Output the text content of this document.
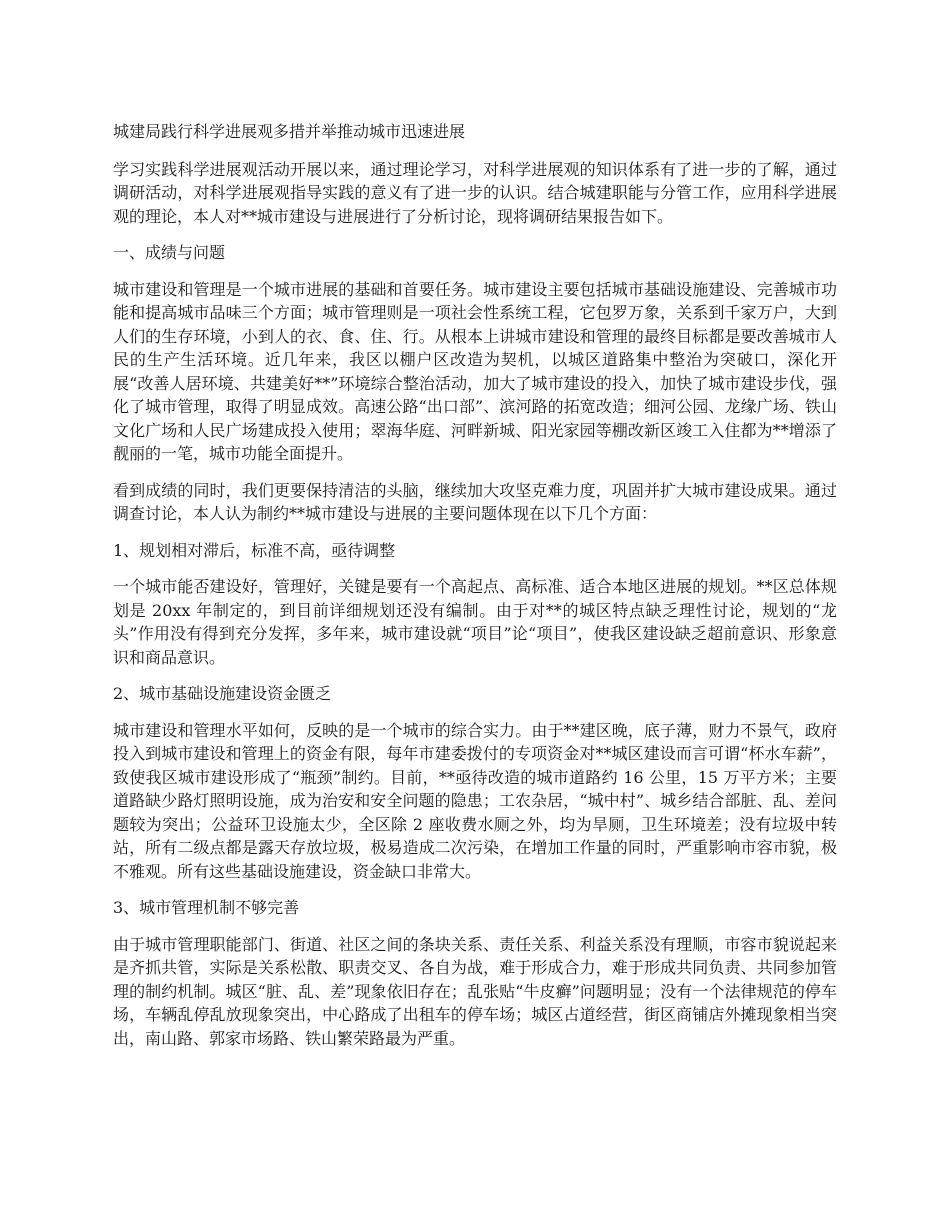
城建局践行科学进展观多措并举推动城市迅速进展

学习实践科学进展观活动开展以来，通过理论学习，对科学进展观的知识体系有了进一步的了解，通过调研活动，对科学进展观指导实践的意义有了进一步的认识。结合城建职能与分管工作，应用科学进展观的理论，本人对**城市建设与进展进行了分析讨论，现将调研结果报告如下。

一、成绩与问题

城市建设和管理是一个城市进展的基础和首要任务。城市建设主要包括城市基础设施建设、完善城市功能和提高城市品味三个方面；城市管理则是一项社会性系统工程，它包罗万象，关系到千家万户，大到人们的生存环境，小到人的衣、食、住、行。从根本上讲城市建设和管理的最终目标都是要改善城市人民的生产生活环境。近几年来，我区以棚户区改造为契机，以城区道路集中整治为突破口，深化开展“改善人居环境、共建美好**”环境综合整治活动，加大了城市建设的投入，加快了城市建设步伐，强化了城市管理，取得了明显成效。高速公路“出口部”、滨河路的拓宽改造；细河公园、龙缘广场、铁山文化广场和人民广场建成投入使用；翠海华庭、河畔新城、阳光家园等棚改新区竣工入住都为**增添了靓丽的一笔，城市功能全面提升。

看到成绩的同时，我们更要保持清洁的头脑，继续加大攻坚克难力度，巩固并扩大城市建设成果。通过调查讨论，本人认为制约**城市建设与进展的主要问题体现在以下几个方面：

1、规划相对滞后，标准不高，亟待调整

一个城市能否建设好，管理好，关键是要有一个高起点、高标准、适合本地区进展的规划。**区总体规划是 20xx 年制定的，到目前详细规划还没有编制。由于对**的城区特点缺乏理性讨论，规划的“龙头”作用没有得到充分发挥，多年来，城市建设就“项目”论“项目”，使我区建设缺乏超前意识、形象意识和商品意识。

2、城市基础设施建设资金匮乏

城市建设和管理水平如何，反映的是一个城市的综合实力。由于**建区晚，底子薄，财力不景气，政府投入到城市建设和管理上的资金有限，每年市建委拨付的专项资金对**城区建设而言可谓“杯水车薪”，致使我区城市建设形成了“瓶颈”制约。目前，**亟待改造的城市道路约 16 公里，15 万平方米；主要道路缺少路灯照明设施，成为治安和安全问题的隐患；工农杂居，“城中村”、城乡结合部脏、乱、差问题较为突出；公益环卫设施太少，全区除 2 座收费水厕之外，均为旱厕，卫生环境差；没有垃圾中转站，所有二级点都是露天存放垃圾，极易造成二次污染，在增加工作量的同时，严重影响市容市貌，极不雅观。所有这些基础设施建设，资金缺口非常大。

3、城市管理机制不够完善

由于城市管理职能部门、街道、社区之间的条块关系、责任关系、利益关系没有理顺，市容市貌说起来是齐抓共管，实际是关系松散、职责交叉、各自为战，难于形成合力，难于形成共同负责、共同参加管理的制约机制。城区“脏、乱、差”现象依旧存在；乱张贴“牛皮癣”问题明显；没有一个法律规范的停车场，车辆乱停乱放现象突出，中心路成了出租车的停车场；城区占道经营，街区商铺店外摊现象相当突出，南山路、郭家市场路、铁山繁荣路最为严重。
